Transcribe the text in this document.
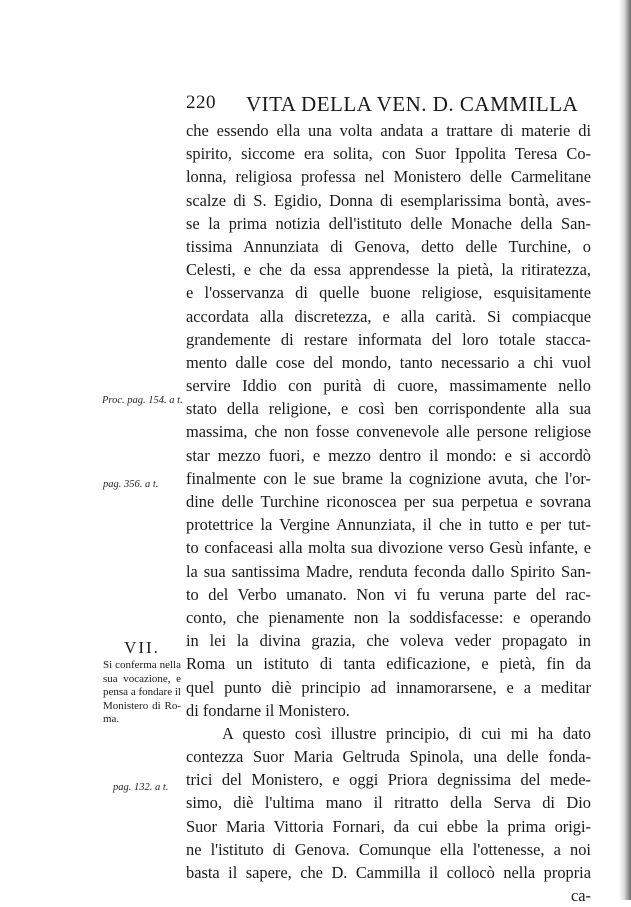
220 VITA DELLA VEN. D. CAMMILLA
che essendo ella una volta andata a trattare di materie di
spirito, siccome era solita, con Suor Ippolita Teresa Co-
lonna, religiosa professa nel Monistero delle Carmelitane
scalze di S. Egidio, Donna di esemplarissima bontà, aves-
se la prima notizia dell'istituto delle Monache della San-
tissima Annunziata di Genova, detto delle Turchine, o
Celesti, e che da essa apprendesse la pietà, la ritiratezza,
e l'osservanza di quelle buone religiose, esquisitamente
accordata alla discretezza, e alla carità. Si compiacque
grandemente di restare informata del loro totale staccа-
mento dalle cose del mondo, tanto necessario a chi vuol
servire Iddio con purità di cuore, massimamente nello
stato della religione, e così ben corrispondente alla sua
massima, che non fosse convenevole alle persone religiose
star mezzo fuori, e mezzo dentro il mondo: e si accordò
finalmente con le sue brame la cognizione avuta, che l'or-
dine delle Turchine riconoscea per sua perpetua e sovrana
protettrice la Vergine Annunziata, il che in tutto e per tut-
to confaceasi alla molta sua divozione verso Gesù infante, e
la sua santissima Madre, renduta feconda dallo Spirito San-
to del Verbo umanato. Non vi fu veruna parte del rac-
conto, che pienamente non la soddisfacesse: e operando
in lei la divina grazia, che voleva veder propagato in
Roma un istituto di tanta edificazione, e pietà, fin da
quel punto diè principio ad innamorarsene, e a meditar
di fondarne il Monistero.
A questo così illustre principio, di cui mi ha dato
contezza Suor Maria Geltruda Spinola, una delle fonda-
trici del Monistero, e oggi Priora degnissima del mede-
simo, diè l'ultima mano il ritratto della Serva di Dio
Suor Maria Vittoria Fornari, da cui ebbe la prima origi-
ne l'istituto di Genova. Comunque ella l'ottenesse, a noi
basta il sapere, che D. Cammilla il collocò nella propria
ca-
Proc. pag. 154. a t.
pag. 356. a t.
pag. 132. a t.
VII.
Si conferma nella
sua vocazione, e
pensa a fondare il
Monistero di Ro-
ma.
